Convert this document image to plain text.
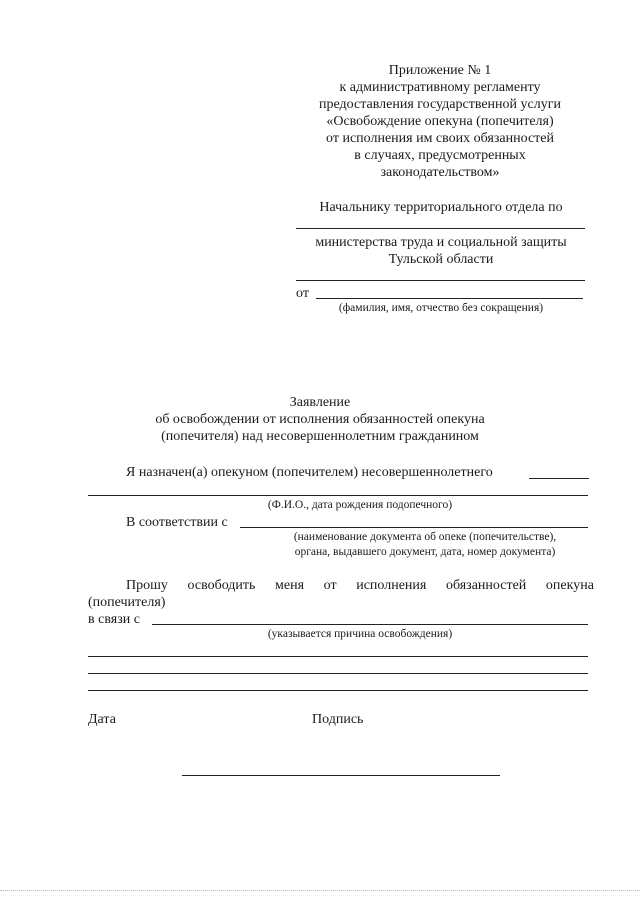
Приложение № 1
к административному регламенту
предоставления государственной услуги
«Освобождение опекуна (попечителя)
от исполнения им своих обязанностей
в случаях, предусмотренных
законодательством»
Начальнику территориального отдела по
министерства труда и социальной защиты
Тульской области
от
(фамилия, имя, отчество без сокращения)
Заявление
об освобождении от исполнения обязанностей опекуна
(попечителя) над несовершеннолетним гражданином
Я назначен(а) опекуном (попечителем) несовершеннолетнего
(Ф.И.О., дата рождения подопечного)
В соответствии с
(наименование документа об опеке (попечительстве),
органа, выдавшего документ, дата, номер документа)
Прошу освободить меня от исполнения обязанностей опекуна
(попечителя)
в связи с
(указывается причина освобождения)
Дата	Подпись
